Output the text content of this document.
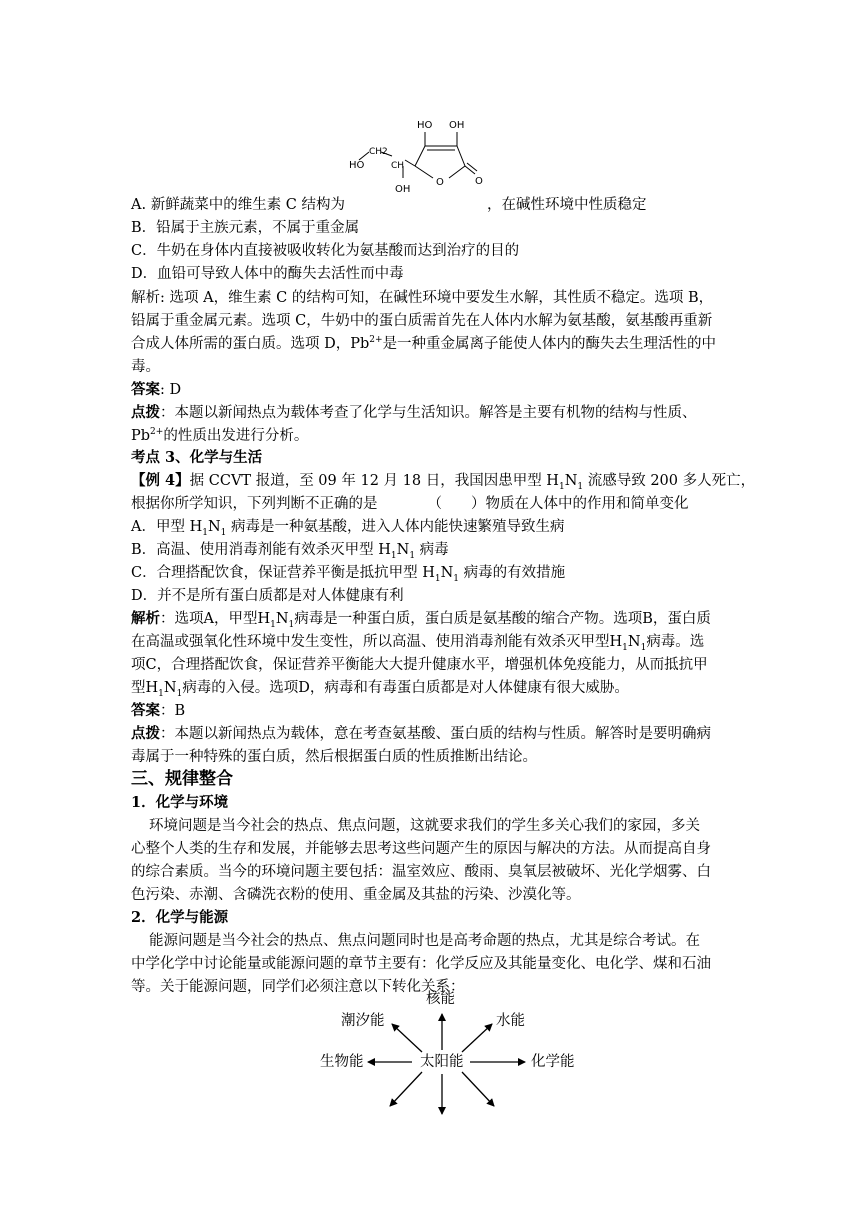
HO OH
O	O
CH
CH2
HO
OH
A. 新鲜蔬菜中的维生素 C 结构为	，在碱性环境中性质稳定
B．铅属于主族元素，不属于重金属
C．牛奶在身体内直接被吸收转化为氨基酸而达到治疗的目的
D．血铅可导致人体中的酶失去活性而中毒
解析: 选项 A，维生素 C 的结构可知，在碱性环境中要发生水解，其性质不稳定。选项 B，
铅属于重金属元素。选项 C，牛奶中的蛋白质需首先在人体内水解为氨基酸，氨基酸再重新
合成人体所需的蛋白质。选项 D，$Pb^{2+}$是一种重金属离子能使人体内的酶失去生理活性的中
毒。
答案: D
点拨：本题以新闻热点为载体考查了化学与生活知识。解答是主要有机物的结构与性质、
$Pb^{2+}$的性质出发进行分析。
考点 3、化学与生活
【例 4】据 CCVT 报道，至 09 年 12 月 18 日，我国因患甲型 $H_1N_1$ 流感导致 200 多人死亡，
根据你所学知识，下列判断不正确的是	（　　）物质在人体中的作用和简单变化
A．甲型 $H_1N_1$ 病毒是一种氨基酸，进入人体内能快速繁殖导致生病
B．高温、使用消毒剂能有效杀灭甲型 $H_1N_1$ 病毒
C．合理搭配饮食，保证营养平衡是抵抗甲型 $H_1N_1$ 病毒的有效措施
D．并不是所有蛋白质都是对人体健康有利
解析：选项A，甲型$H_1N_1$病毒是一种蛋白质，蛋白质是氨基酸的缩合产物。选项B，蛋白质
在高温或强氧化性环境中发生变性，所以高温、使用消毒剂能有效杀灭甲型$H_1N_1$病毒。选
项C，合理搭配饮食，保证营养平衡能大大提升健康水平，增强机体免疫能力，从而抵抗甲
型$H_1N_1$病毒的入侵。选项D，病毒和有毒蛋白质都是对人体健康有很大威胁。
答案：B
点拨：本题以新闻热点为载体，意在考查氨基酸、蛋白质的结构与性质。解答时是要明确病
毒属于一种特殊的蛋白质，然后根据蛋白质的性质推断出结论。
三、规律整合
1．化学与环境
环境问题是当今社会的热点、焦点问题，这就要求我们的学生多关心我们的家园，多关
心整个人类的生存和发展，并能够去思考这些问题产生的原因与解决的方法。从而提高自身
的综合素质。当今的环境问题主要包括：温室效应、酸雨、臭氧层被破坏、光化学烟雾、白
色污染、赤潮、含磷洗衣粉的使用、重金属及其盐的污染、沙漠化等。
2．化学与能源
能源问题是当今社会的热点、焦点问题同时也是高考命题的热点，尤其是综合考试。在
中学化学中讨论能量或能源问题的章节主要有：化学反应及其能量变化、电化学、煤和石油
等。关于能源问题，同学们必须注意以下转化关系：
核能
潮汐能	水能
生物能	太阳能	化学能
